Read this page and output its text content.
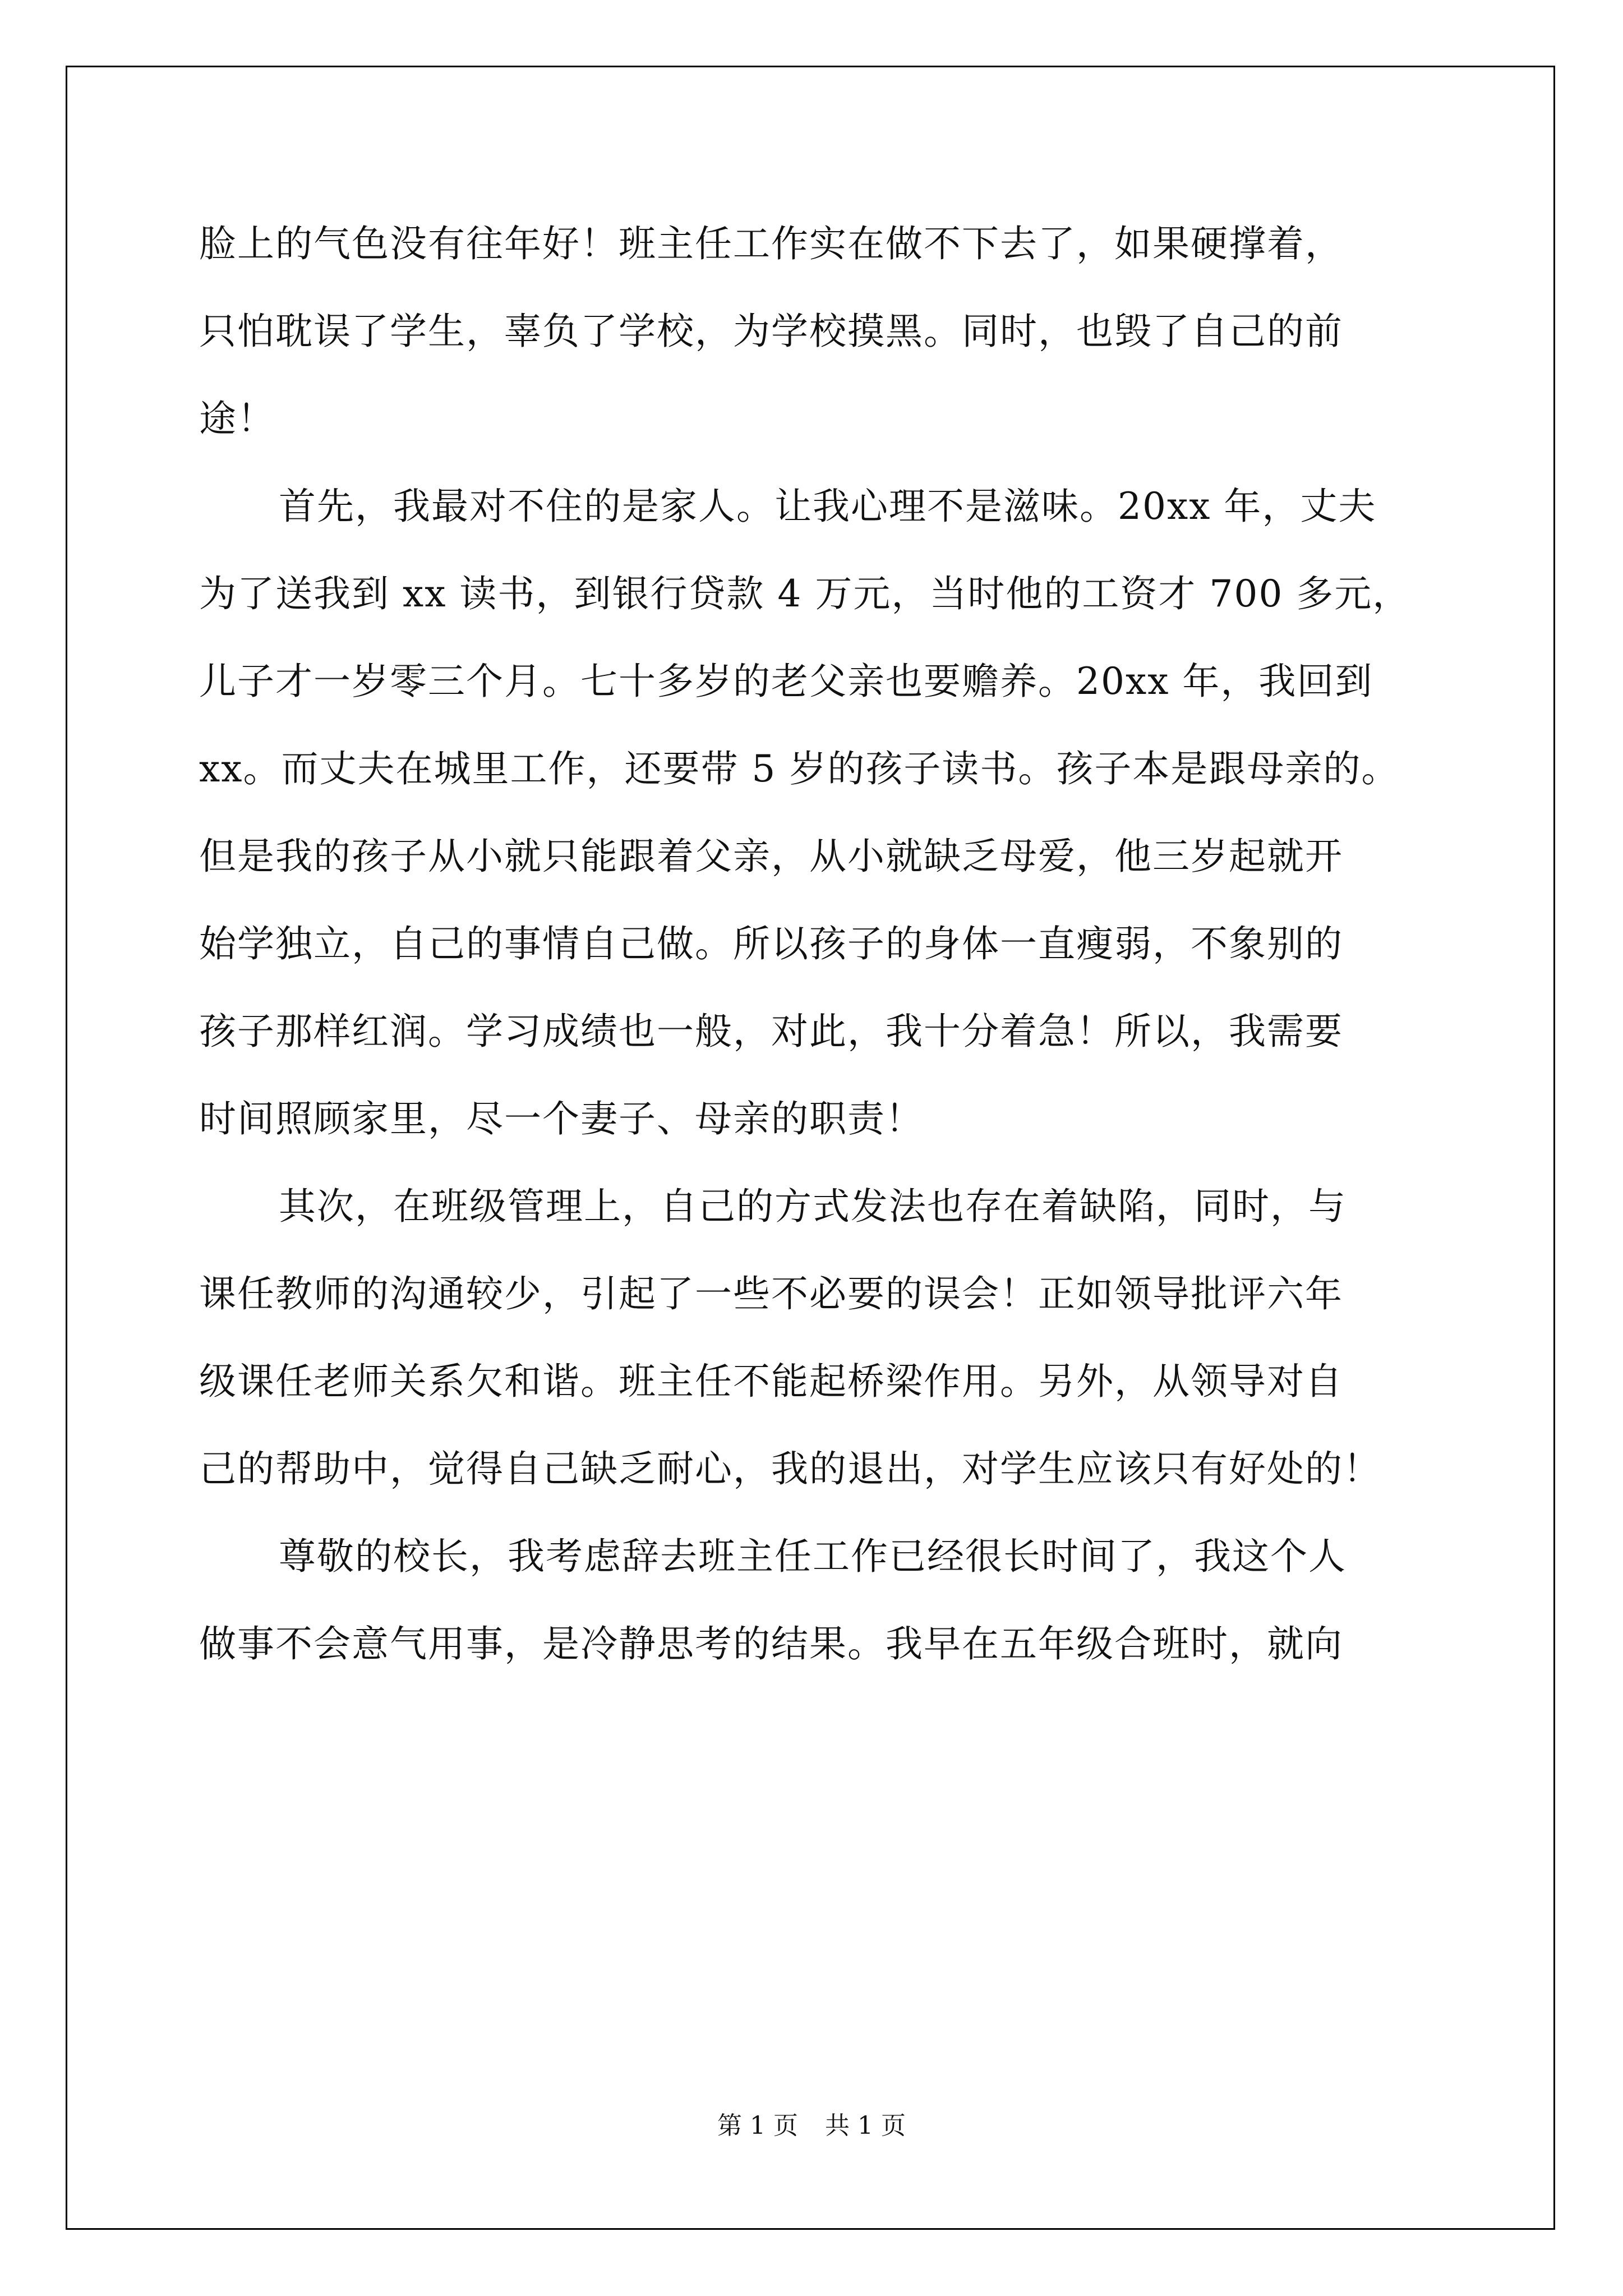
脸上的气色没有往年好！班主任工作实在做不下去了，如果硬撑着，
只怕耽误了学生，辜负了学校，为学校摸黑。同时，也毁了自己的前
途！
首先，我最对不住的是家人。让我心理不是滋味。20xx 年，丈夫
为了送我到 xx 读书，到银行贷款 4 万元，当时他的工资才 700 多元，
儿子才一岁零三个月。七十多岁的老父亲也要赡养。20xx 年，我回到
xx。而丈夫在城里工作，还要带 5 岁的孩子读书。孩子本是跟母亲的。
但是我的孩子从小就只能跟着父亲，从小就缺乏母爱，他三岁起就开
始学独立，自己的事情自己做。所以孩子的身体一直瘦弱，不象别的
孩子那样红润。学习成绩也一般，对此，我十分着急！所以，我需要
时间照顾家里，尽一个妻子、母亲的职责！
其次，在班级管理上，自己的方式发法也存在着缺陷，同时，与
课任教师的沟通较少，引起了一些不必要的误会！正如领导批评六年
级课任老师关系欠和谐。班主任不能起桥梁作用。另外，从领导对自
己的帮助中，觉得自己缺乏耐心，我的退出，对学生应该只有好处的！
尊敬的校长，我考虑辞去班主任工作已经很长时间了，我这个人
做事不会意气用事，是冷静思考的结果。我早在五年级合班时，就向
第 1 页 共 1 页
